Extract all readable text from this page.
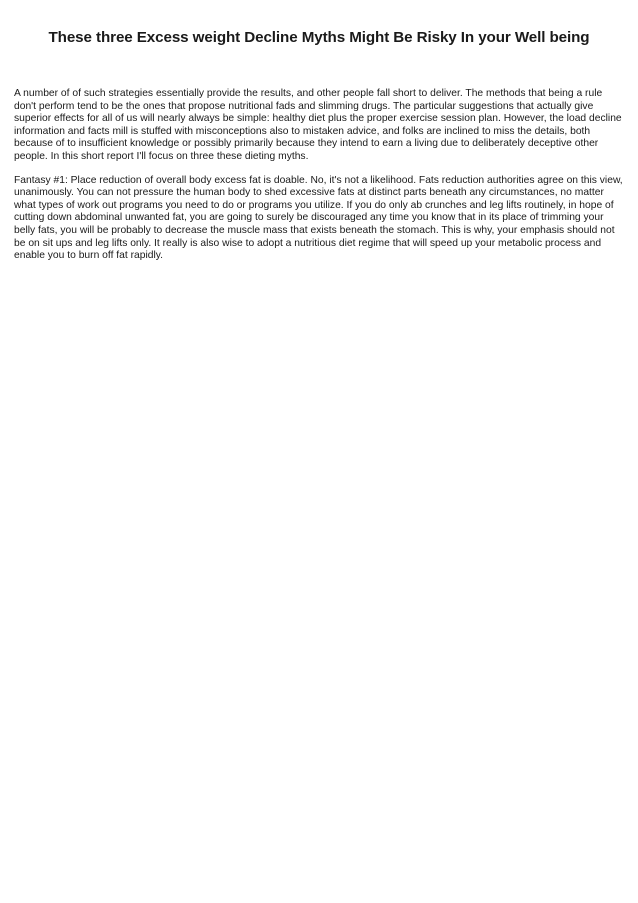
These three Excess weight Decline Myths Might Be Risky In your Well being

A number of of such strategies essentially provide the results, and other people fall short to deliver. The methods that being a rule don't perform tend to be the ones that propose nutritional fads and slimming drugs. The particular suggestions that actually give superior effects for all of us will nearly always be simple: healthy diet plus the proper exercise session plan. However, the load decline information and facts mill is stuffed with misconceptions also to mistaken advice, and folks are inclined to miss the details, both because of to insufficient knowledge or possibly primarily because they intend to earn a living due to deliberately deceptive other people. In this short report I'll focus on three these dieting myths.

Fantasy #1: Place reduction of overall body excess fat is doable. No, it's not a likelihood. Fats reduction authorities agree on this view, unanimously. You can not pressure the human body to shed excessive fats at distinct parts beneath any circumstances, no matter what types of work out programs you need to do or programs you utilize. If you do only ab crunches and leg lifts routinely, in hope of cutting down abdominal unwanted fat, you are going to surely be discouraged any time you know that in its place of trimming your belly fats, you will be probably to decrease the muscle mass that exists beneath the stomach. This is why, your emphasis should not be on sit ups and leg lifts only. It really is also wise to adopt a nutritious diet regime that will speed up your metabolic process and enable you to burn off fat rapidly.
